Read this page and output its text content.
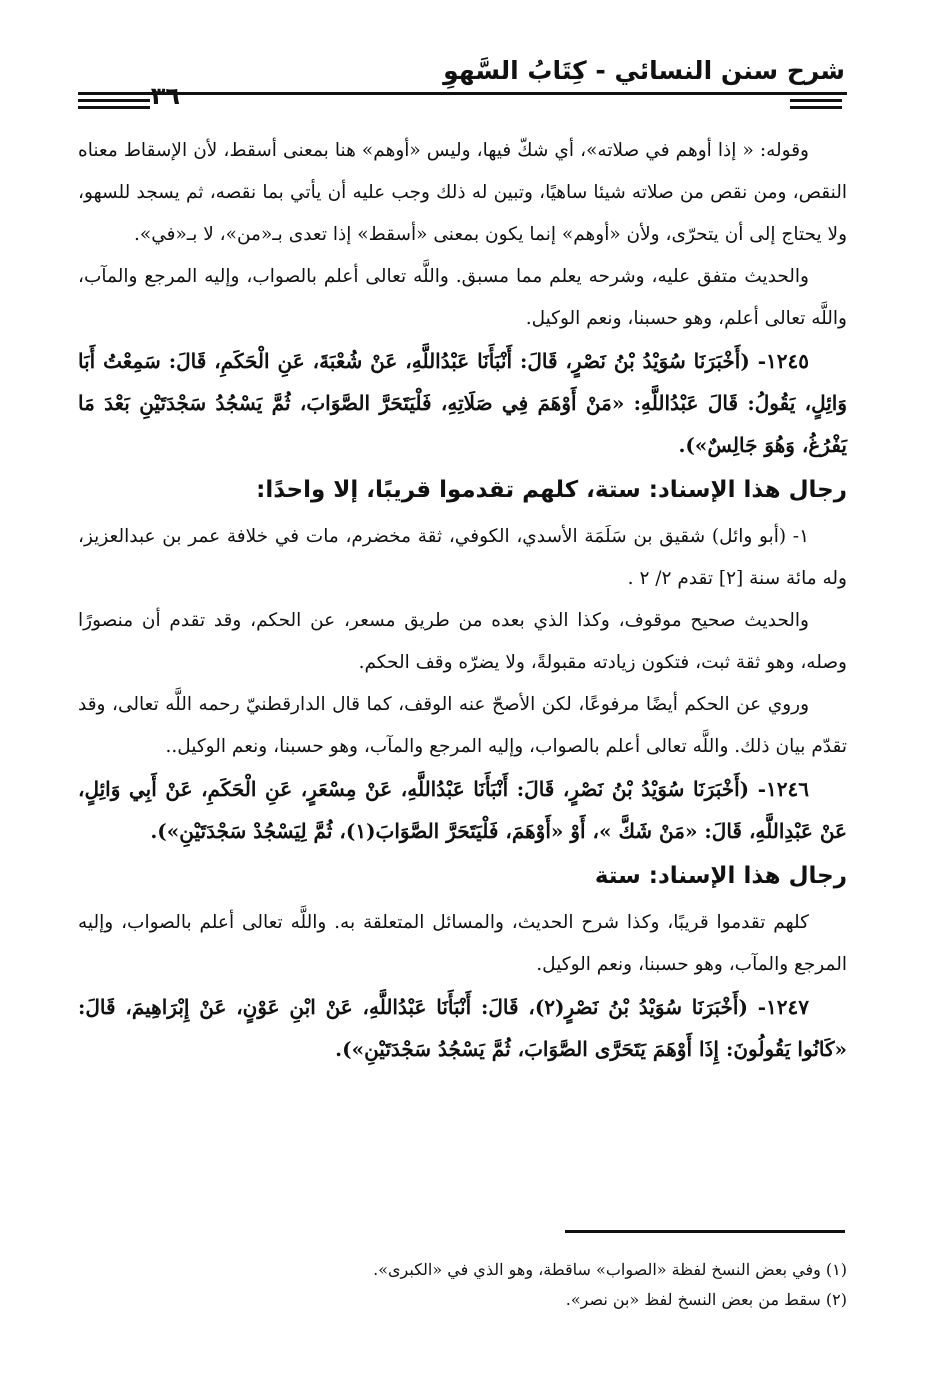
شرح سنن النسائي - كِتَابُ السَّهوِ
٣٦

وقوله: « إذا أوهم في صلاته»، أي شكّ فيها، وليس «أوهم» هنا بمعنى أسقط، لأن الإسقاط معناه النقص، ومن نقص من صلاته شيئا ساهيًا، وتبين له ذلك وجب عليه أن يأتي بما نقصه، ثم يسجد للسهو، ولا يحتاج إلى أن يتحرّى، ولأن «أوهم» إنما يكون بمعنى «أسقط» إذا تعدى بـ«من»، لا بـ«في».

والحديث متفق عليه، وشرحه يعلم مما مسبق. واللَّه تعالى أعلم بالصواب، وإليه المرجع والمآب، واللَّه تعالى أعلم، وهو حسبنا، ونعم الوكيل.

١٢٤٥- (أَخْبَرَنَا سُوَيْدُ بْنُ نَصْرٍ، قَالَ: أَنْبَأَنَا عَبْدُاللَّهِ، عَنْ شُعْبَةَ، عَنِ الْحَكَمِ، قَالَ: سَمِعْتُ أَبَا وَائِلٍ، يَقُولُ: قَالَ عَبْدُاللَّهِ: «مَنْ أَوْهَمَ فِي صَلَاتِهِ، فَلْيَتَحَرَّ الصَّوَابَ، ثُمَّ يَسْجُدُ سَجْدَتَيْنِ بَعْدَ مَا يَفْرُغُ، وَهُوَ جَالِسٌ»).

رجال هذا الإسناد: ستة، كلهم تقدموا قريبًا، إلا واحدًا:

١- (أبو وائل) شقيق بن سَلَمَة الأسدي، الكوفي، ثقة مخضرم، مات في خلافة عمر بن عبدالعزيز، وله مائة سنة [٢] تقدم ٢/ ٢ .

والحديث صحيح موقوف، وكذا الذي بعده من طريق مسعر، عن الحكم، وقد تقدم أن منصورًا وصله، وهو ثقة ثبت، فتكون زيادته مقبولةً، ولا يضرّه وقف الحكم.

وروي عن الحكم أيضًا مرفوعًا، لكن الأصحّ عنه الوقف، كما قال الدارقطنيّ رحمه اللَّه تعالى، وقد تقدّم بيان ذلك. واللَّه تعالى أعلم بالصواب، وإليه المرجع والمآب، وهو حسبنا، ونعم الوكيل..

١٢٤٦- (أَخْبَرَنَا سُوَيْدُ بْنُ نَصْرٍ، قَالَ: أَنْبَأَنَا عَبْدُاللَّهِ، عَنْ مِسْعَرٍ، عَنِ الْحَكَمِ، عَنْ أَبِي وَائِلٍ، عَنْ عَبْدِاللَّهِ، قَالَ: «مَنْ شَكَّ »، أَوْ «أَوْهَمَ، فَلْيَتَحَرَّ الصَّوَابَ(١)، ثُمَّ لِيَسْجُدْ سَجْدَتَيْنِ»).

رجال هذا الإسناد: ستة

كلهم تقدموا قريبًا، وكذا شرح الحديث، والمسائل المتعلقة به. واللَّه تعالى أعلم بالصواب، وإليه المرجع والمآب، وهو حسبنا، ونعم الوكيل.

١٢٤٧- (أَخْبَرَنَا سُوَيْدُ بْنُ نَصْرٍ(٢)، قَالَ: أَنْبَأَنَا عَبْدُاللَّهِ، عَنْ ابْنِ عَوْنٍ، عَنْ إِبْرَاهِيمَ، قَالَ: «كَانُوا يَقُولُونَ: إِذَا أَوْهَمَ يَتَحَرَّى الصَّوَابَ، ثُمَّ يَسْجُدُ سَجْدَتَيْنِ»).

(١) وفي بعض النسخ لفظة «الصواب» ساقطة، وهو الذي في «الكبرى».

(٢) سقط من بعض النسخ لفظ «بن نصر».
